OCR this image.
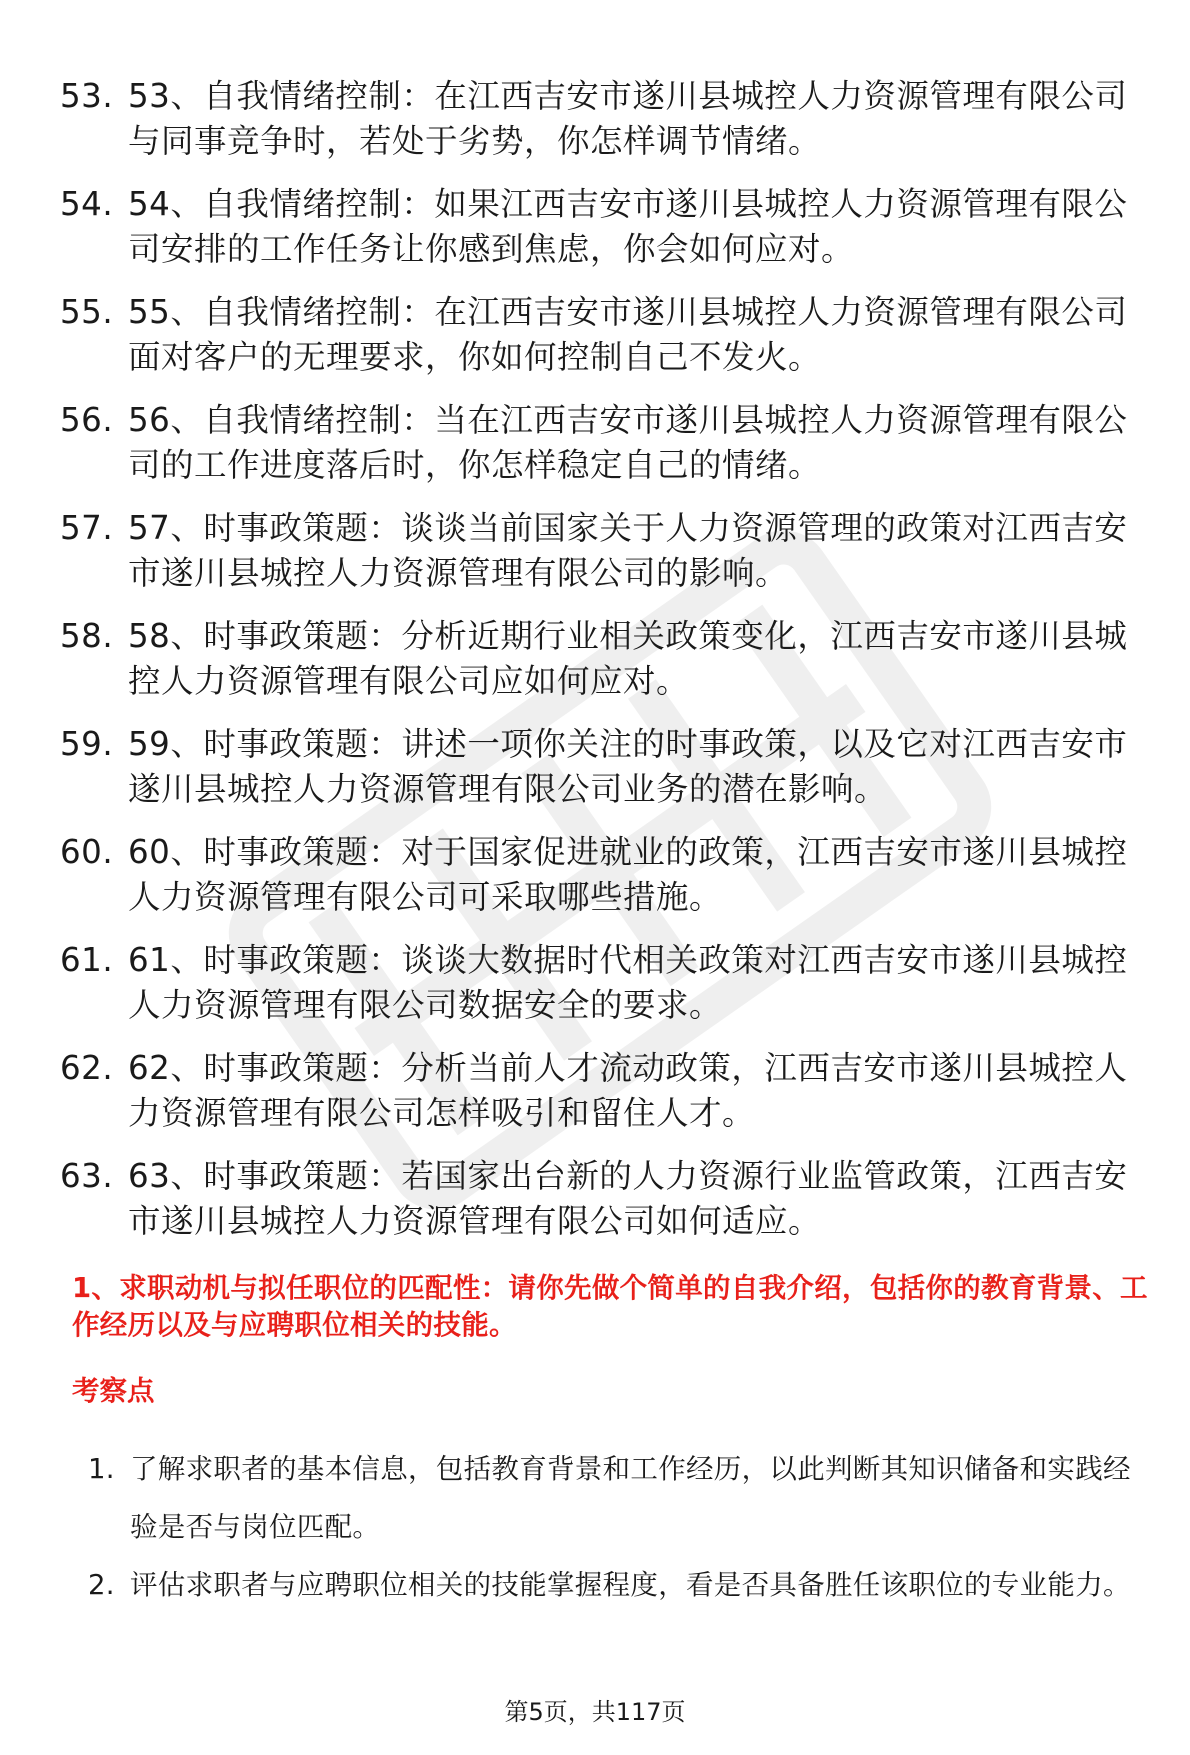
53. 53、自我情绪控制：在江西吉安市遂川县城控人力资源管理有限公司与同事竞争时，若处于劣势，你怎样调节情绪。
54. 54、自我情绪控制：如果江西吉安市遂川县城控人力资源管理有限公司安排的工作任务让你感到焦虑，你会如何应对。
55. 55、自我情绪控制：在江西吉安市遂川县城控人力资源管理有限公司面对客户的无理要求，你如何控制自己不发火。
56. 56、自我情绪控制：当在江西吉安市遂川县城控人力资源管理有限公司的工作进度落后时，你怎样稳定自己的情绪。
57. 57、时事政策题：谈谈当前国家关于人力资源管理的政策对江西吉安市遂川县城控人力资源管理有限公司的影响。
58. 58、时事政策题：分析近期行业相关政策变化，江西吉安市遂川县城控人力资源管理有限公司应如何应对。
59. 59、时事政策题：讲述一项你关注的时事政策，以及它对江西吉安市遂川县城控人力资源管理有限公司业务的潜在影响。
60. 60、时事政策题：对于国家促进就业的政策，江西吉安市遂川县城控人力资源管理有限公司可采取哪些措施。
61. 61、时事政策题：谈谈大数据时代相关政策对江西吉安市遂川县城控人力资源管理有限公司数据安全的要求。
62. 62、时事政策题：分析当前人才流动政策，江西吉安市遂川县城控人力资源管理有限公司怎样吸引和留住人才。
63. 63、时事政策题：若国家出台新的人力资源行业监管政策，江西吉安市遂川县城控人力资源管理有限公司如何适应。

1、求职动机与拟任职位的匹配性：请你先做个简单的自我介绍，包括你的教育背景、工作经历以及与应聘职位相关的技能。

考察点

1. 了解求职者的基本信息，包括教育背景和工作经历，以此判断其知识储备和实践经验是否与岗位匹配。
2. 评估求职者与应聘职位相关的技能掌握程度，看是否具备胜任该职位的专业能力。
第5页，共117页
